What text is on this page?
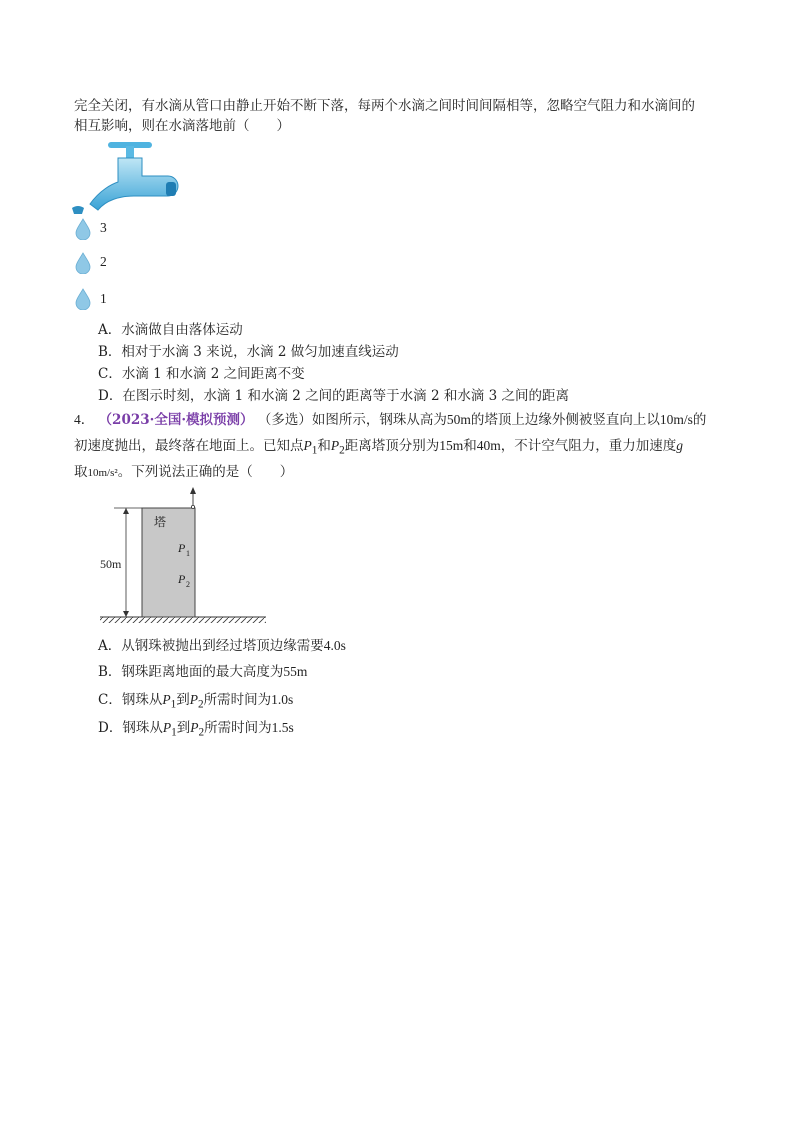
完全关闭，有水滴从管口由静止开始不断下落，每两个水滴之间时间间隔相等，忽略空气阻力和水滴间的
相互影响，则在水滴落地前（　　）
3
2
1
A．水滴做自由落体运动
B．相对于水滴 3 来说，水滴 2 做匀加速直线运动
C．水滴 1 和水滴 2 之间距离不变
D．在图示时刻，水滴 1 和水滴 2 之间的距离等于水滴 2 和水滴 3 之间的距离
4． （2023·全国·模拟预测） （多选）如图所示，钢珠从高为50m的塔顶上边缘外侧被竖直向上以10m/s的
初速度抛出，最终落在地面上。已知点$P_1$和$P_2$距离塔顶分别为15m和40m，不计空气阻力，重力加速度g
取10m/s²。下列说法正确的是（　　）
50m
塔
P 1
P 2
A．从钢珠被抛出到经过塔顶边缘需要4.0s
B．钢珠距离地面的最大高度为55m
C．钢珠从$P_1$到$P_2$所需时间为1.0s
D．钢珠从$P_1$到$P_2$所需时间为1.5s
